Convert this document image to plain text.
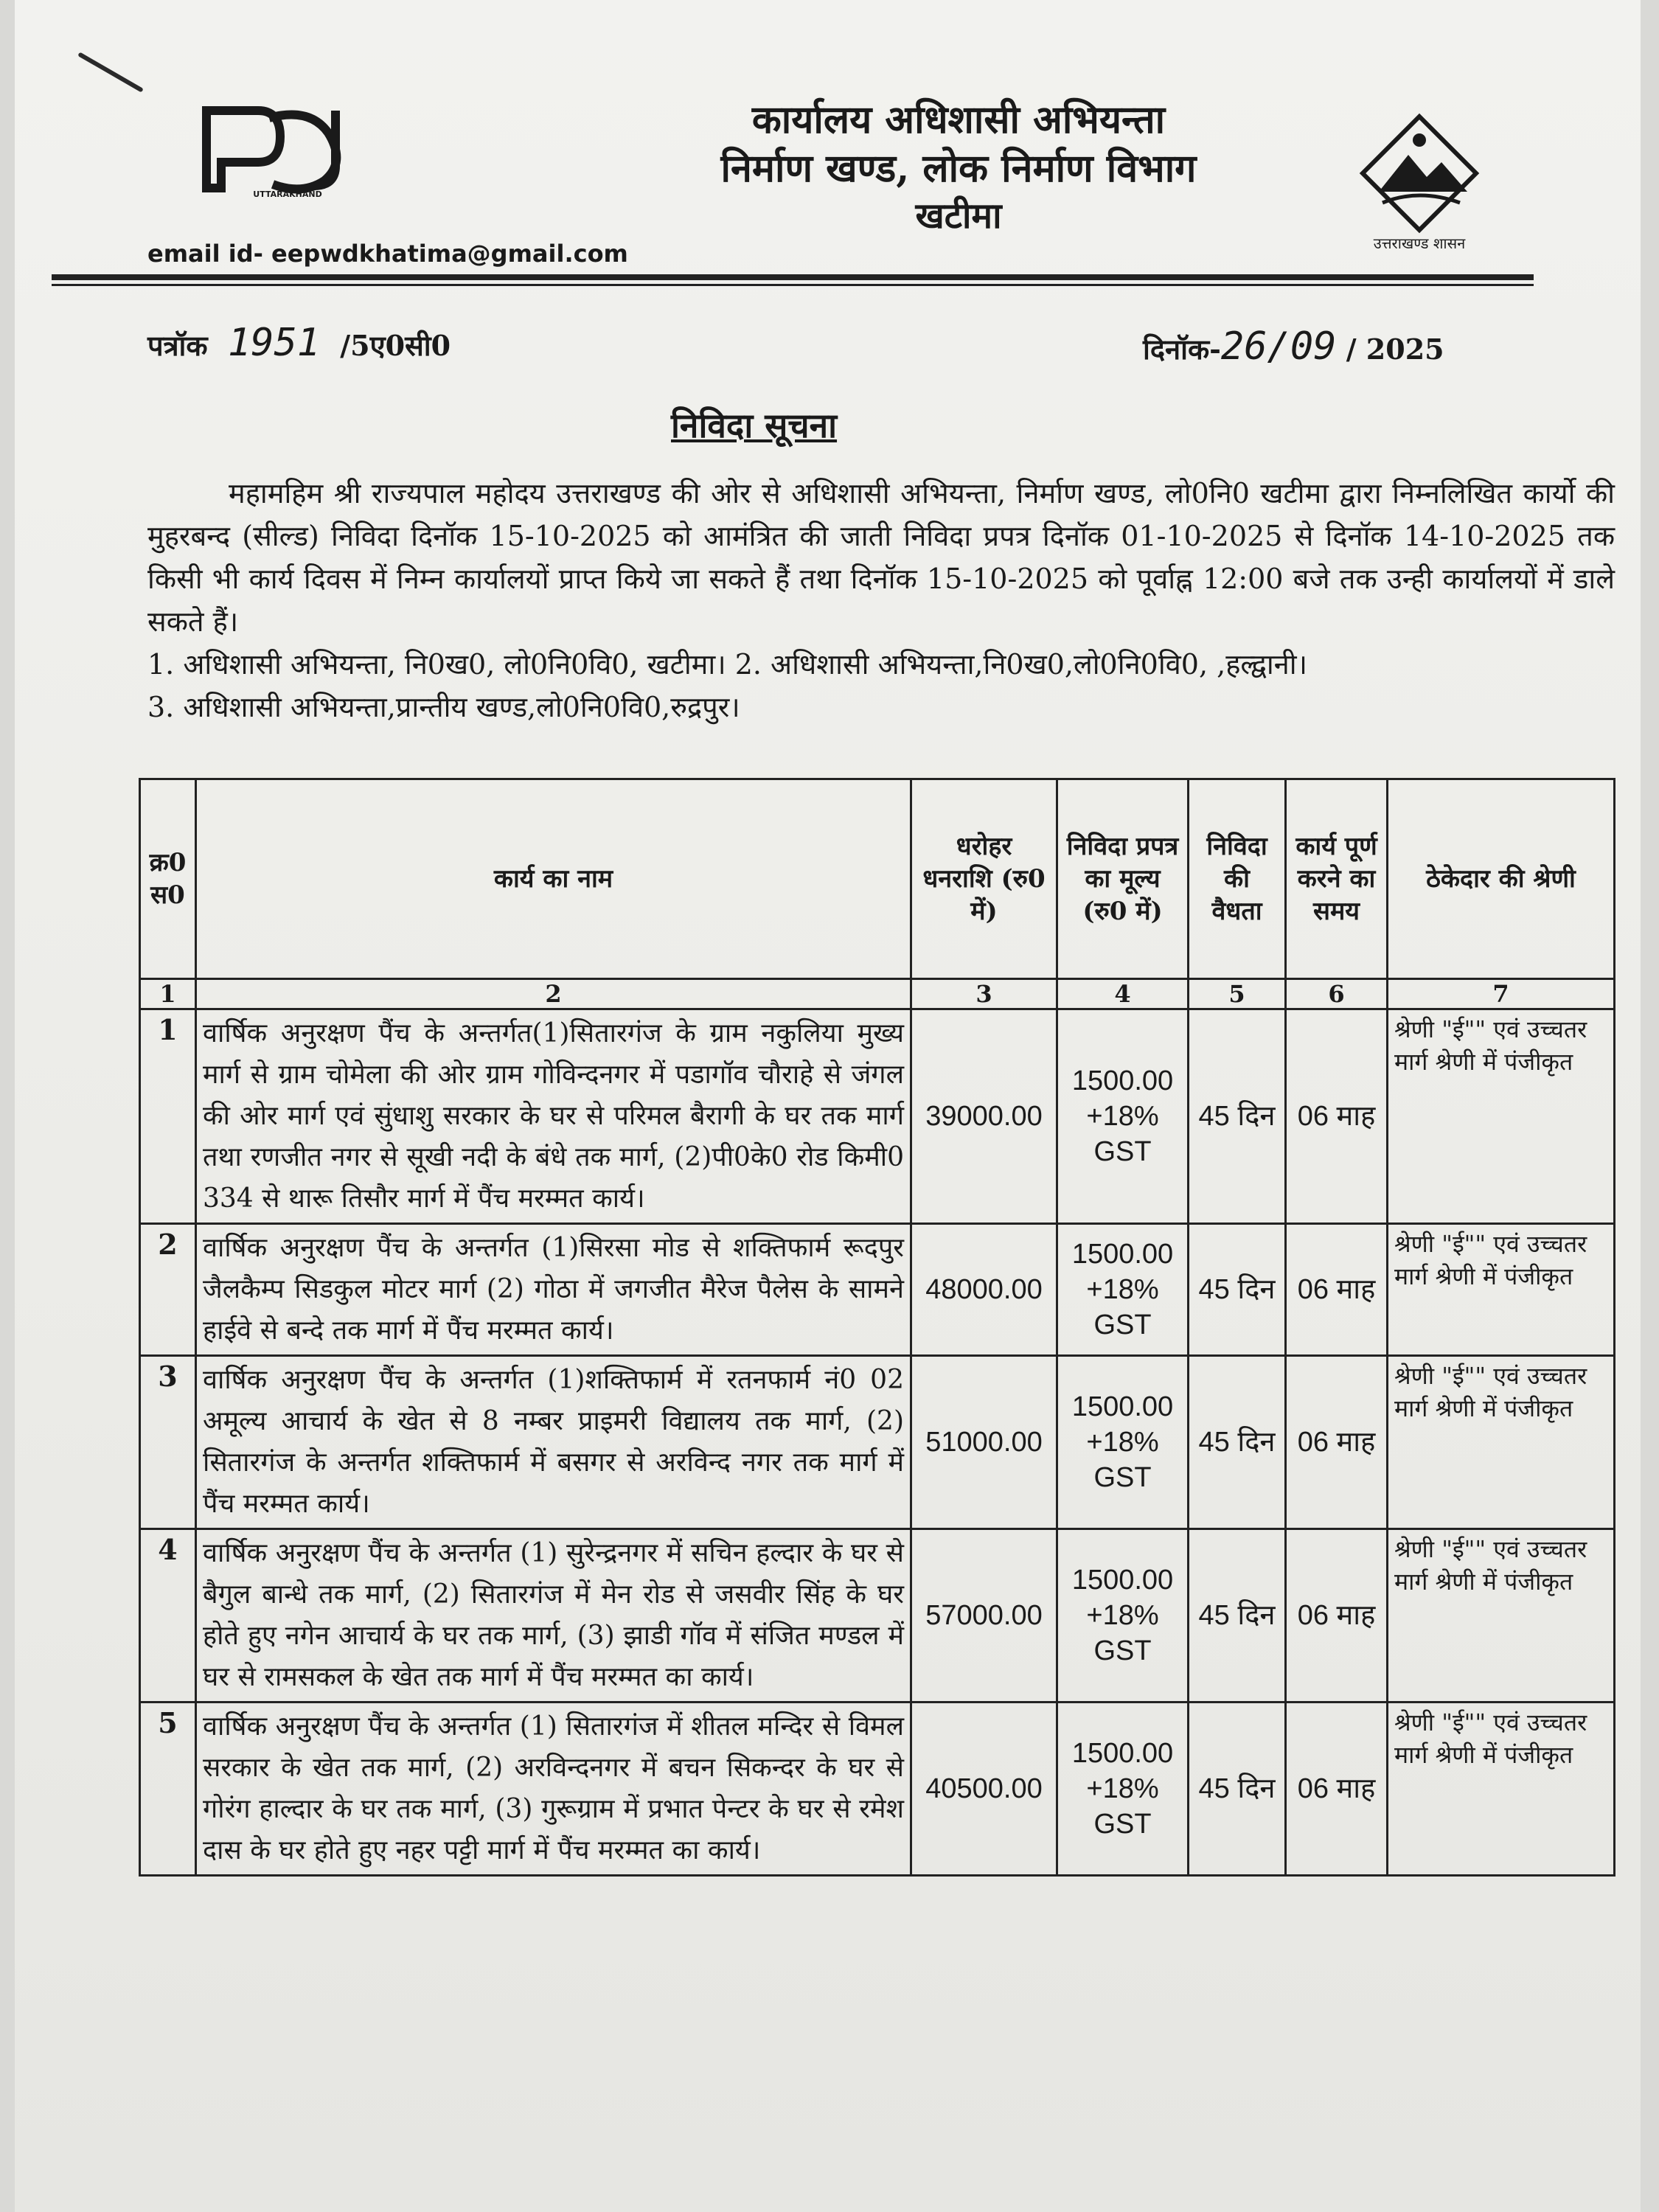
UTTARAKHAND
कार्यालय अधिशासी अभियन्ता
निर्माण खण्ड, लोक निर्माण विभाग
खटीमा
उत्तराखण्ड शासन
email id- eepwdkhatima@gmail.com
पत्रॉक 1951 /5ए0सी0	दिनॉक-26/09 / 2025
निविदा सूचना

महामहिम श्री राज्यपाल महोदय उत्तराखण्ड की ओर से अधिशासी अभियन्ता, निर्माण खण्ड, लो0नि0 खटीमा द्वारा निम्नलिखित कार्यो की मुहरबन्द (सील्ड) निविदा दिनॉक 15-10-2025 को आमंत्रित की जाती निविदा प्रपत्र दिनॉक 01-10-2025 से दिनॉक 14-10-2025 तक किसी भी कार्य दिवस में निम्न कार्यालयों प्राप्त किये जा सकते हैं तथा दिनॉक 15-10-2025 को पूर्वाह्न 12:00 बजे तक उन्ही कार्यालयों में डाले सकते हैं।

1. अधिशासी अभियन्ता, नि0ख0, लो0नि0वि0, खटीमा। 2. अधिशासी अभियन्ता,नि0ख0,लो0नि0वि0, ,हल्द्वानी।

3. अधिशासी अभियन्ता,प्रान्तीय खण्ड,लो0नि0वि0,रुद्रपुर।

क्र0 स0	कार्य का नाम	धरोहर धनराशि (रु0 में)	निविदा प्रपत्र का मूल्य (रु0 में)	निविदा की वैधता	कार्य पूर्ण करने का समय	ठेकेदार की श्रेणी
1	2	3	4	5	6	7
1	वार्षिक अनुरक्षण पैंच के अन्तर्गत(1)सितारगंज के ग्राम नकुलिया मुख्य मार्ग से ग्राम चोमेला की ओर ग्राम गोविन्दनगर में पडागॉव चौराहे से जंगल की ओर मार्ग एवं सुंधाशु सरकार के घर से परिमल बैरागी के घर तक मार्ग तथा रणजीत नगर से सूखी नदी के बंधे तक मार्ग, (2)पी0के0 रोड किमी0 334 से थारू तिसौर मार्ग में पैंच मरम्मत कार्य।	39000.00	1500.00 +18% GST	45 दिन	06 माह	श्रेणी "ई"" एवं उच्चतर मार्ग श्रेणी में पंजीकृत
2	वार्षिक अनुरक्षण पैंच के अन्तर्गत (1)सिरसा मोड से शक्तिफार्म रूदपुर जैलकैम्प सिडकुल मोटर मार्ग (2) गोठा में जगजीत मैरेज पैलेस के सामने हाईवे से बन्दे तक मार्ग में पैंच मरम्मत कार्य।	48000.00	1500.00 +18% GST	45 दिन	06 माह	श्रेणी "ई"" एवं उच्चतर मार्ग श्रेणी में पंजीकृत
3	वार्षिक अनुरक्षण पैंच के अन्तर्गत (1)शक्तिफार्म में रतनफार्म नं0 02 अमूल्य आचार्य के खेत से 8 नम्बर प्राइमरी विद्यालय तक मार्ग, (2) सितारगंज के अन्तर्गत शक्तिफार्म में बसगर से अरविन्द नगर तक मार्ग में पैंच मरम्मत कार्य।	51000.00	1500.00 +18% GST	45 दिन	06 माह	श्रेणी "ई"" एवं उच्चतर मार्ग श्रेणी में पंजीकृत
4	वार्षिक अनुरक्षण पैंच के अन्तर्गत (1) सुरेन्द्रनगर में सचिन हल्दार के घर से बैगुल बान्धे तक मार्ग, (2) सितारगंज में मेन रोड से जसवीर सिंह के घर होते हुए नगेन आचार्य के घर तक मार्ग, (3) झाडी गॉव में संजित मण्डल में घर से रामसकल के खेत तक मार्ग में पैंच मरम्मत का कार्य।	57000.00	1500.00 +18% GST	45 दिन	06 माह	श्रेणी "ई"" एवं उच्चतर मार्ग श्रेणी में पंजीकृत
5	वार्षिक अनुरक्षण पैंच के अन्तर्गत (1) सितारगंज में शीतल मन्दिर से विमल सरकार के खेत तक मार्ग, (2) अरविन्दनगर में बचन सिकन्दर के घर से गोरंग हाल्दार के घर तक मार्ग, (3) गुरूग्राम में प्रभात पेन्टर के घर से रमेश दास के घर होते हुए नहर पट्टी मार्ग में पैंच मरम्मत का कार्य।	40500.00	1500.00 +18% GST	45 दिन	06 माह	श्रेणी "ई"" एवं उच्चतर मार्ग श्रेणी में पंजीकृत
